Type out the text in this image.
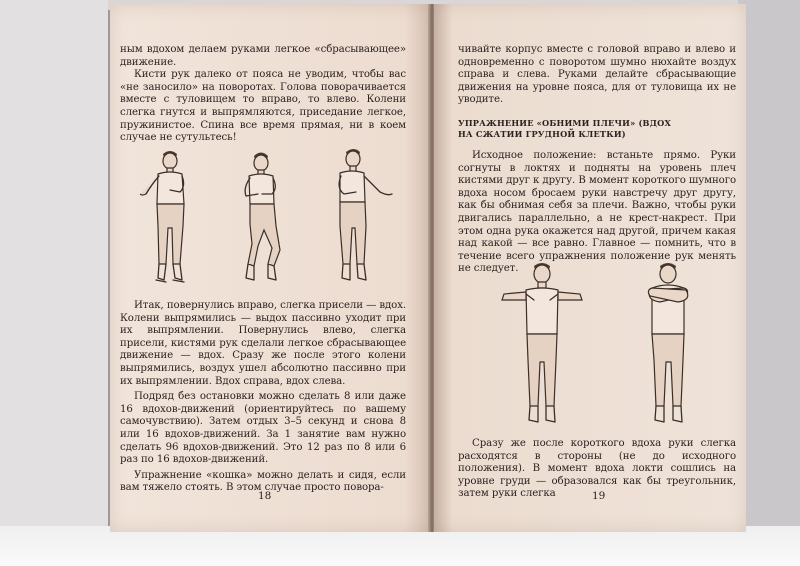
ным вдохом делаем руками легкое «сбрасывающее» движение.

Кисти рук далеко от пояса не уводим, чтобы вас «не заносило» на поворотах. Голова поворачивается вместе с туловищем то вправо, то влево. Колени слегка гнутся и выпрямляются, приседание легкое, пружинистое. Спина все время прямая, ни в коем случае не сутультесь!

Итак, повернулись вправо, слегка присели — вдох. Колени выпрямились — выдох пассивно уходит при их выпрямлении. Повернулись влево, слегка присели, кистями рук сделали легкое сбрасывающее движение — вдох. Сразу же после этого колени выпрямились, воздух ушел абсолютно пассивно при их выпрямлении. Вдох справа, вдох слева.

Подряд без остановки можно сделать 8 или даже 16 вдохов-движений (ориентируйтесь по вашему самочувствию). Затем отдых 3–5 секунд и снова 8 или 16 вдохов-движений. За 1 занятие вам нужно сделать 96 вдохов-движений. Это 12 раз по 8 или 6 раз по 16 вдохов-движений.

Упражнение «кошка» можно делать и сидя, если вам тяжело стоять. В этом случае просто повора-

18

чивайте корпус вместе с головой вправо и влево и одновременно с поворотом шумно нюхайте воздух справа и слева. Руками делайте сбрасывающие движения на уровне пояса, для от туловища их не уводите.

УПРАЖНЕНИЕ «ОБНИМИ ПЛЕЧИ» (ВДОХ НА СЖАТИИ ГРУДНОЙ КЛЕТКИ)

Исходное положение: встаньте прямо. Руки согнуты в локтях и подняты на уровень плеч кистями друг к другу. В момент короткого шумного вдоха носом бросаем руки навстречу друг другу, как бы обнимая себя за плечи. Важно, чтобы руки двигались параллельно, а не крест-накрест. При этом одна рука окажется над другой, причем какая над какой — все равно. Главное — помнить, что в течение всего упражнения положение рук менять не следует.

Сразу же после короткого вдоха руки слегка расходятся в стороны (не до исходного положения). В момент вдоха локти сошлись на уровне груди — образовался как бы треугольник, затем руки слегка	19
